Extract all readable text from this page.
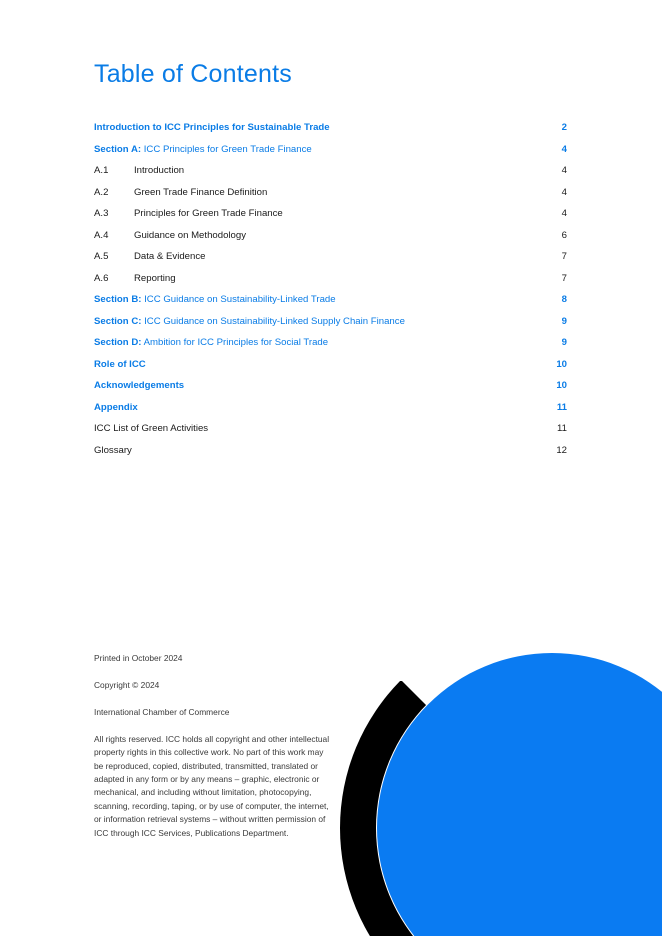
Table of Contents
Introduction to ICC Principles for Sustainable Trade	2
Section A: ICC Principles for Green Trade Finance	4
A.1	Introduction	4
A.2	Green Trade Finance Definition	4
A.3	Principles for Green Trade Finance	4
A.4	Guidance on Methodology	6
A.5	Data & Evidence	7
A.6	Reporting	7
Section B: ICC Guidance on Sustainability-Linked Trade	8
Section C: ICC Guidance on Sustainability-Linked Supply Chain Finance	9
Section D: Ambition for ICC Principles for Social Trade	9
Role of ICC	10
Acknowledgements	10
Appendix	11
ICC List of Green Activities	11
Glossary	12

Printed in October 2024

Copyright © 2024

International Chamber of Commerce

All rights reserved. ICC holds all copyright and other intellectual property rights in this collective work. No part of this work may be reproduced, copied, distributed, transmitted, translated or adapted in any form or by any means – graphic, electronic or mechanical, and including without limitation, photocopying, scanning, recording, taping, or by use of computer, the internet, or information retrieval systems – without written permission of ICC through ICC Services, Publications Department.
